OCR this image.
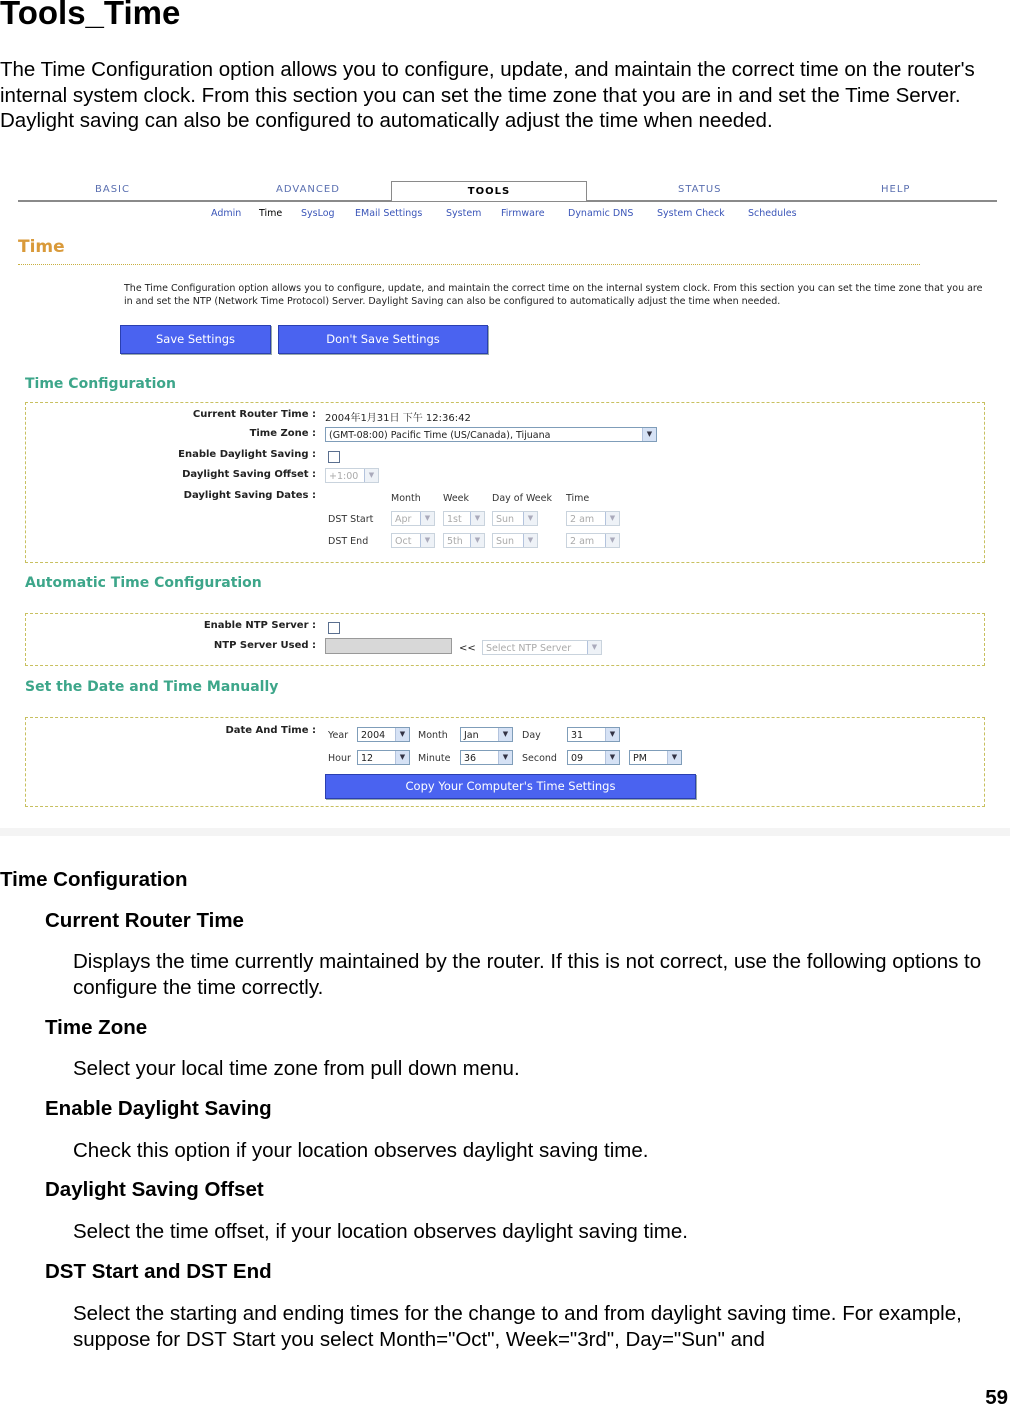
Tools_Time
The Time Configuration option allows you to configure, update, and maintain the correct time on the router's internal system clock. From this section you can set the time zone that you are in and set the Time Server. Daylight saving can also be configured to automatically adjust the time when needed.
BASIC	ADVANCED	TOOLS	STATUS	HELP
Admin Time SysLog EMail Settings System Firmware Dynamic DNS System Check Schedules
Time
The Time Configuration option allows you to configure, update, and maintain the correct time on the internal system clock. From this section you can set the time zone that you are in and set the NTP (Network Time Protocol) Server. Daylight Saving can also be configured to automatically adjust the time when needed.
Save Settings	Don't Save Settings
Time Configuration
Current Router Time : 2004年1月31日 下午 12:36:42
Time Zone :	(GMT-08:00) Pacific Time (US/Canada), Tijuana	▼
Enable Daylight Saving :
Daylight Saving Offset :	+1:00	▼
Daylight Saving Dates :	Month Week Day of Week Time
DST Start	Apr	▼	1st	▼	Sun	▼	2 am	▼
DST End	Oct	▼	5th	▼	Sun	▼	2 am	▼
Automatic Time Configuration
Enable NTP Server :
NTP Server Used :	<<	Select NTP Server	▼
Set the Date and Time Manually
Date And Time : Year	2004	▼	Month	Jan	▼	Day	31	▼
Hour	12	▼	Minute	36	▼	Second	09	▼	PM	▼
Copy Your Computer's Time Settings
Time Configuration
Current Router Time
Displays the time currently maintained by the router. If this is not correct, use the following options to configure the time correctly.
Time Zone
Select your local time zone from pull down menu.
Enable Daylight Saving
Check this option if your location observes daylight saving time.
Daylight Saving Offset
Select the time offset, if your location observes daylight saving time.
DST Start and DST End
Select the starting and ending times for the change to and from daylight saving time. For example, suppose for DST Start you select Month="Oct", Week="3rd", Day="Sun" and
59
